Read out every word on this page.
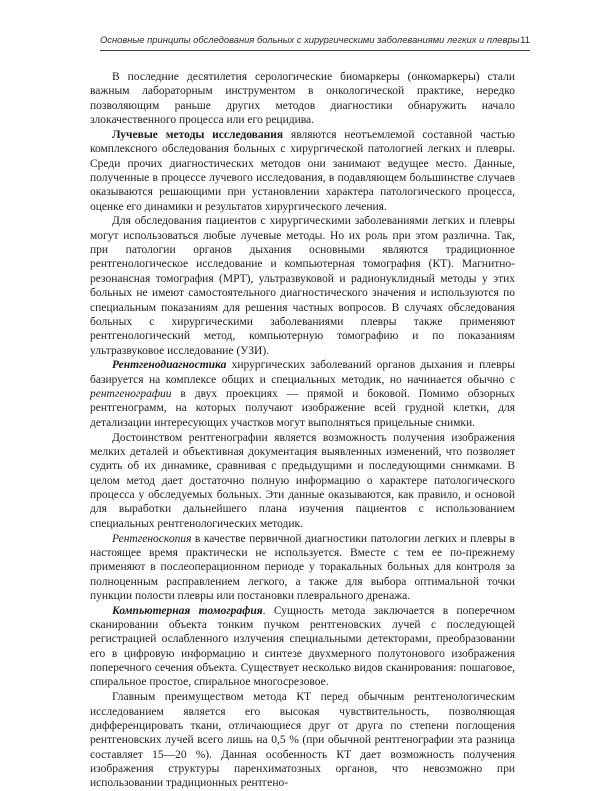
Основные принципы обследования больных с хирургическими заболеваниями легких и плевры 11

В последние десятилетия серологические биомаркеры (онкомаркеры) стали важным лабораторным инструментом в онкологической практике, нередко позволяющим раньше других методов диагностики обнаружить начало злокачественного процесса или его рецидива.

Лучевые методы исследования являются неотъемлемой составной частью комплексного обследования больных с хирургической патологией легких и плевры. Среди прочих диагностических методов они занимают ведущее место. Данные, полученные в процессе лучевого исследования, в подавляющем большинстве случаев оказываются решающими при установлении характера патологического процесса, оценке его динамики и результатов хирургического лечения.

Для обследования пациентов с хирургическими заболеваниями легких и плевры могут использоваться любые лучевые методы. Но их роль при этом различна. Так, при патологии органов дыхания основными являются традиционное рентгенологическое исследование и компьютерная томография (КТ). Магнитно-резонансная томография (МРТ), ультразвуковой и радионуклидный методы у этих больных не имеют самостоятельного диагностического значения и используются по специальным показаниям для решения частных вопросов. В случаях обследования больных с хирургическими заболеваниями плевры также применяют рентгенологический метод, компьютерную томографию и по показаниям ультразвуковое исследование (УЗИ).

Рентгенодиагностика хирургических заболеваний органов дыхания и плевры базируется на комплексе общих и специальных методик, но начинается обычно с рентгенографии в двух проекциях — прямой и боковой. Помимо обзорных рентгенограмм, на которых получают изображение всей грудной клетки, для детализации интересующих участков могут выполняться прицельные снимки.

Достоинством рентгенографии является возможность получения изображения мелких деталей и объективная документация выявленных изменений, что позволяет судить об их динамике, сравнивая с предыдущими и последующими снимками. В целом метод дает достаточно полную информацию о характере патологического процесса у обследуемых больных. Эти данные оказываются, как правило, и основой для выработки дальнейшего плана изучения пациентов с использованием специальных рентгенологических методик.

Рентгеноскопия в качестве первичной диагностики патологии легких и плевры в настоящее время практически не используется. Вместе с тем ее по-прежнему применяют в послеоперационном периоде у торакальных больных для контроля за полноценным расправлением легкого, а также для выбора оптимальной точки пункции полости плевры или постановки плеврального дренажа.

Компьютерная томография. Сущность метода заключается в поперечном сканировании объекта тонким пучком рентгеновских лучей с последующей регистрацией ослабленного излучения специальными детекторами, преобразовании его в цифровую информацию и синтезе двухмерного полутонового изображения поперечного сечения объекта. Существует несколько видов сканирования: пошаговое, спиральное простое, спиральное многосрезовое.

Главным преимуществом метода КТ перед обычным рентгенологическим исследованием является его высокая чувствительность, позволяющая дифференцировать ткани, отличающиеся друг от друга по степени поглощения рентгеновских лучей всего лишь на 0,5 % (при обычной рентгенографии эта разница составляет 15—20 %). Данная особенность КТ дает возможность получения изображения структуры паренхиматозных органов, что невозможно при использовании традиционных рентгено-
